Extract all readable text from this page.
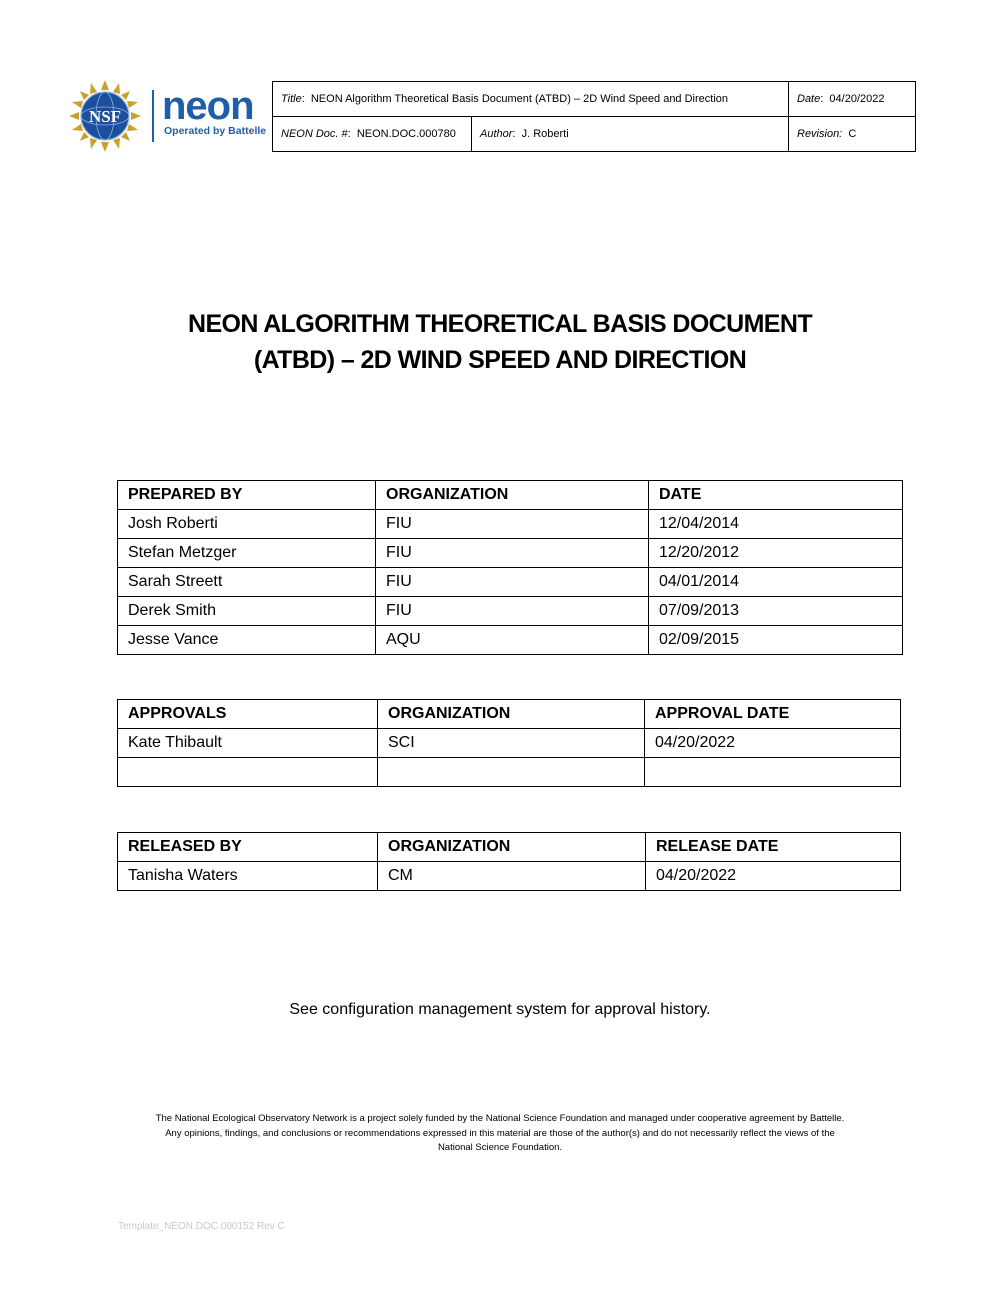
NSF neon
Operated by Battelle
Title:  NEON Algorithm Theoretical Basis Document (ATBD) – 2D Wind Speed and Direction		Date:  04/20/2022
NEON Doc. #:  NEON.DOC.000780	Author:  J. Roberti	Revision: C
NEON ALGORITHM THEORETICAL BASIS DOCUMENT
(ATBD) – 2D WIND SPEED AND DIRECTION
PREPARED BY	ORGANIZATION	DATE
Josh Roberti	FIU	12/04/2014
Stefan Metzger	FIU	12/20/2012
Sarah Streett	FIU	04/01/2014
Derek Smith	FIU	07/09/2013
Jesse Vance	AQU	02/09/2015
APPROVALS	ORGANIZATION	APPROVAL DATE
Kate Thibault	SCI	04/20/2022

RELEASED BY	ORGANIZATION	RELEASE DATE
Tanisha Waters	CM	04/20/2022
See configuration management system for approval history.
The National Ecological Observatory Network is a project solely funded by the National Science Foundation and managed under cooperative agreement by Battelle.
Any opinions, findings, and conclusions or recommendations expressed in this material are those of the author(s) and do not necessarily reflect the views of the
National Science Foundation.
Template_NEON.DOC.000152 Rev C
